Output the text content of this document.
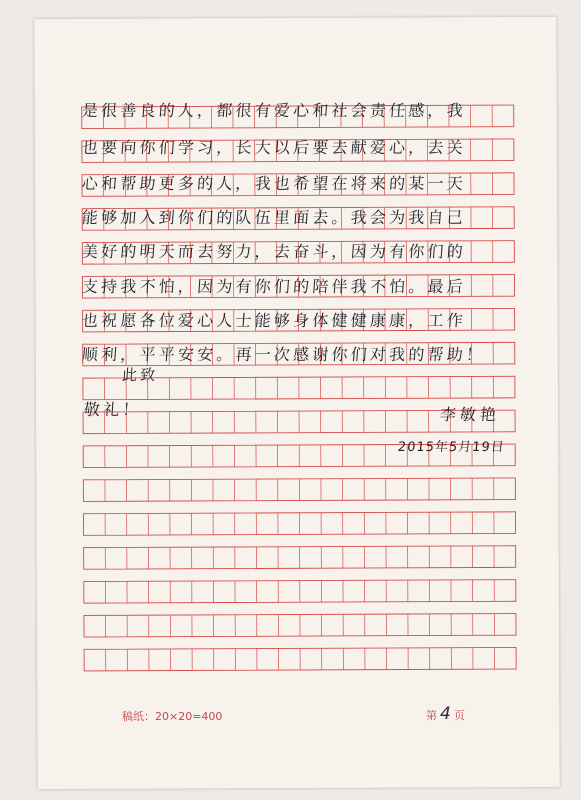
是很善良的人，都很有爱心和社会责任感，我
也要向你们学习，长大以后要去献爱心，去关
心和帮助更多的人，我也希望在将来的某一天
能够加入到你们的队伍里面去。我会为我自己
美好的明天而去努力，去奋斗，因为有你们的
支持我不怕，因为有你们的陪伴我不怕。最后
也祝愿各位爱心人士能够身体健健康康，工作
顺利，平平安安。再一次感谢你们对我的帮助！
此致
敬礼！	李敏艳
2015年5月19日
稿纸：20×20=400	第 4 页
